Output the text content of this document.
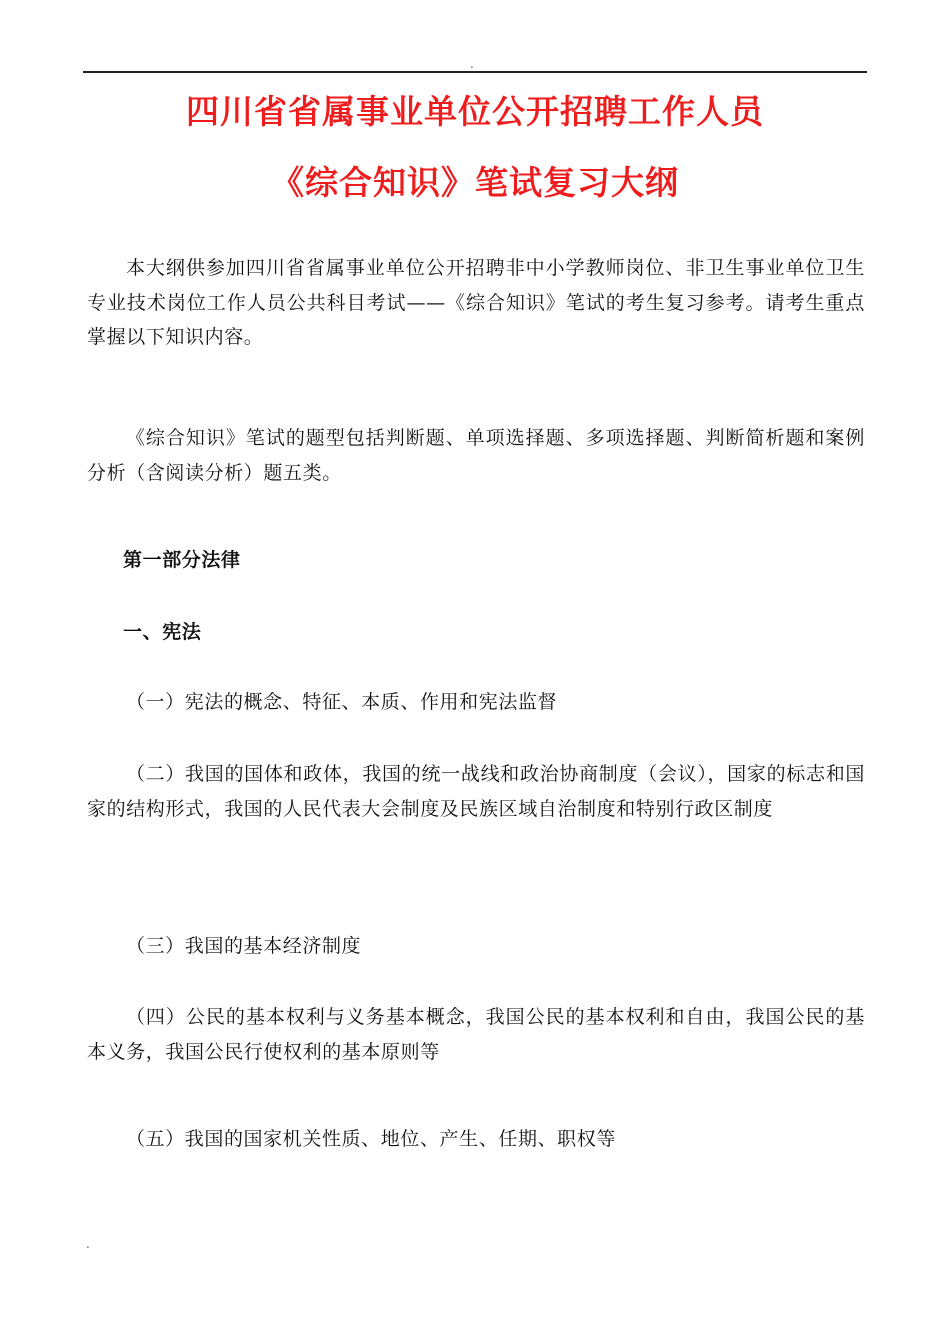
.
四川省省属事业单位公开招聘工作人员
《综合知识》笔试复习大纲

本大纲供参加四川省省属事业单位公开招聘非中小学教师岗位、非卫生事业单位卫生专业技术岗位工作人员公共科目考试——《综合知识》笔试的考生复习参考。请考生重点掌握以下知识内容。

《综合知识》笔试的题型包括判断题、单项选择题、多项选择题、判断简析题和案例分析（含阅读分析）题五类。

第一部分法律
一、宪法

（一）宪法的概念、特征、本质、作用和宪法监督

（二）我国的国体和政体，我国的统一战线和政治协商制度（会议），国家的标志和国家的结构形式，我国的人民代表大会制度及民族区域自治制度和特别行政区制度

（三）我国的基本经济制度

（四）公民的基本权利与义务基本概念，我国公民的基本权利和自由，我国公民的基本义务，我国公民行使权利的基本原则等

（五）我国的国家机关性质、地位、产生、任期、职权等

.
